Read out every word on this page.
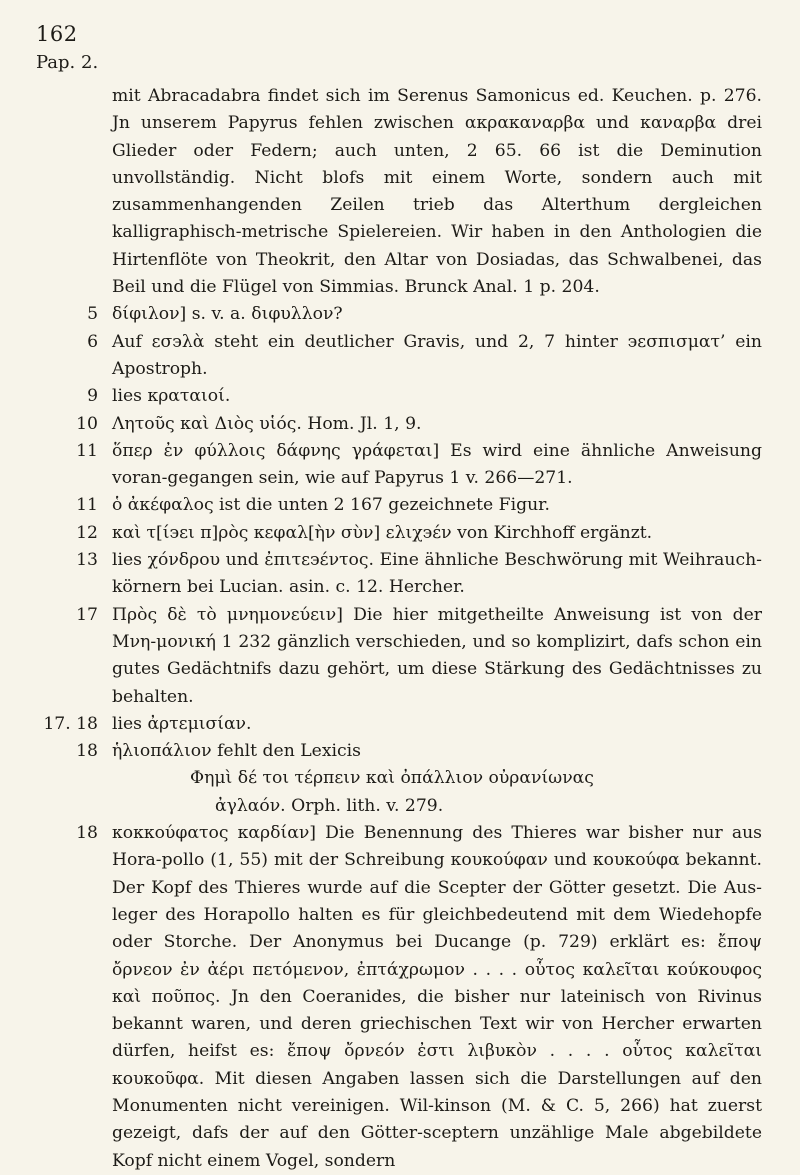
162
Pap. 2.
mit Abracadabra findet sich im Serenus Samonicus ed. Keuchen. p. 276. Jn unserem Papyrus fehlen zwischen ακρακαναρβα und καναρβα drei Glieder oder Federn; auch unten, 2 65. 66 ist die Deminution unvollständig. Nicht blofs mit einem Worte, sondern auch mit zusammenhangenden Zeilen trieb das Alterthum dergleichen kalligraphisch-metrische Spielereien. Wir haben in den Anthologien die Hirtenflöte von Theokrit, den Altar von Dosiadas, das Schwalbenei, das Beil und die Flügel von Simmias. Brunck Anal. 1 p. 204.
5 δίφιλον] s. v. a. διφυλλον?
6 Auf εσ϶λὰ steht ein deutlicher Gravis, und 2, 7 hinter ϶εσπισματ’ ein Apostroph.
9 lies κραταιοί.
10 Λητοῦς καὶ Διὸς υἱός. Hom. Jl. 1, 9.
11 ὅπερ ἐν φύλλοις δάφνης γράφεται] Es wird eine ähnliche Anweisung voran-gegangen sein, wie auf Papyrus 1 v. 266—271.
11 ὁ ἀκέφαλος ist die unten 2 167 gezeichnete Figur.
12 καὶ τ[ί϶ει π]ρὸς κεφαλ[ὴν σὺν] ελιχ϶έν von Kirchhoff ergänzt.
13 lies χόνδρου und ἐπιτε϶έντος. Eine ähnliche Beschwörung mit Weihrauch-körnern bei Lucian. asin. c. 12. Hercher.
17 Πρὸς δὲ τὸ μνημονεύειν] Die hier mitgetheilte Anweisung ist von der Μνη-μονική 1 232 gänzlich verschieden, und so komplizirt, dafs schon ein gutes Gedächtnifs dazu gehört, um diese Stärkung des Gedächtnisses zu behalten.
17. 18 lies ἀρτεμισίαν.
18 ἡλιοπάλιον fehlt den Lexicis
Φημὶ δέ τοι τέρπειν καὶ ὀπάλλιον οὐρανίωνας
ἀγλαόν. Orph. lith. v. 279.
18 κοκκούφατος καρδίαν] Die Benennung des Thieres war bisher nur aus Hora-pollo (1, 55) mit der Schreibung κουκούφαν und κουκούφα bekannt. Der Kopf des Thieres wurde auf die Scepter der Götter gesetzt. Die Aus-leger des Horapollo halten es für gleichbedeutend mit dem Wiedehopfe oder Storche. Der Anonymus bei Ducange (p. 729) erklärt es: ἔποψ ὄρνεον ἐν ἀέρι πετόμενον, ἐπτάχρωμον . . . . οὗτος καλεῖται κούκουφος καὶ ποῦπος. Jn den Coeranides, die bisher nur lateinisch von Rivinus bekannt waren, und deren griechischen Text wir von Hercher erwarten dürfen, heifst es: ἔποψ ὄρνεόν ἐστι λιβυκὸν . . . . οὗτος καλεῖται κουκοῦφα. Mit diesen Angaben lassen sich die Darstellungen auf den Monumenten nicht vereinigen. Wil-kinson (M. & C. 5, 266) hat zuerst gezeigt, dafs der auf den Götter-sceptern unzählige Male abgebildete Kopf nicht einem Vogel, sondern
